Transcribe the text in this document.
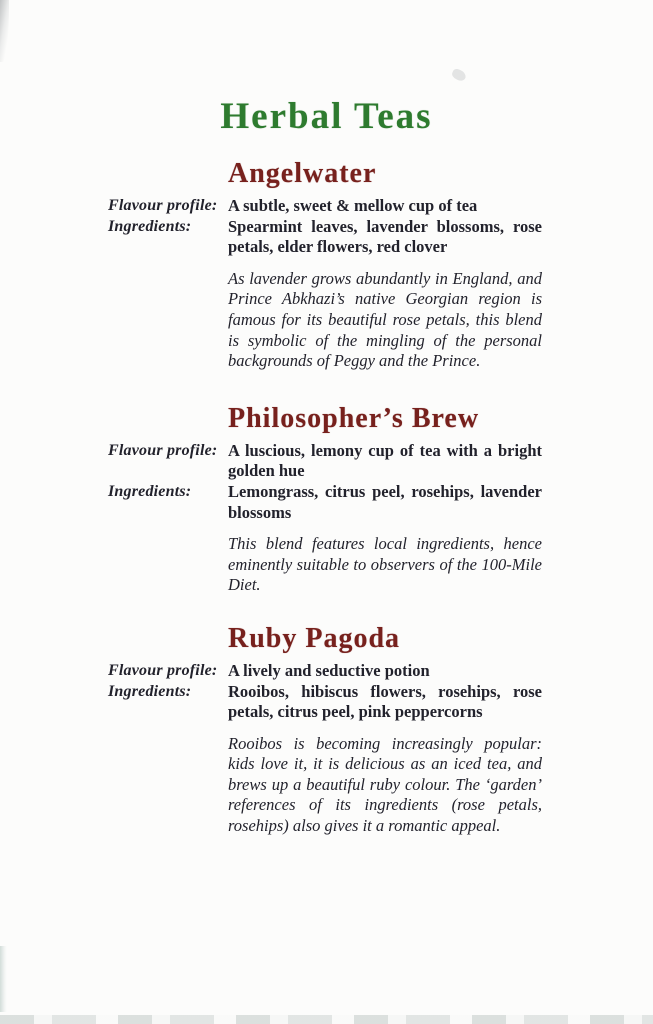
Herbal Teas
Angelwater
Flavour profile: A subtle, sweet & mellow cup of tea
Ingredients:	Spearmint leaves, lavender blossoms, rose petals, elder flowers, red clover

As lavender grows abundantly in England, and Prince Abkhazi’s native Georgian region is famous for its beautiful rose petals, this blend is symbolic of the mingling of the personal backgrounds of Peggy and the Prince.

Philosopher’s Brew
Flavour profile: A luscious, lemony cup of tea with a bright golden hue
Ingredients:	Lemongrass, citrus peel, rosehips, lavender blossoms

This blend features local ingredients, hence eminently suitable to observers of the 100-Mile Diet.

Ruby Pagoda
Flavour profile: A lively and seductive potion
Ingredients:	Rooibos, hibiscus flowers, rosehips, rose petals, citrus peel, pink peppercorns

Rooibos is becoming increasingly popular: kids love it, it is delicious as an iced tea, and brews up a beautiful ruby colour. The ‘garden’ references of its ingredients (rose petals, rosehips) also gives it a romantic appeal.
